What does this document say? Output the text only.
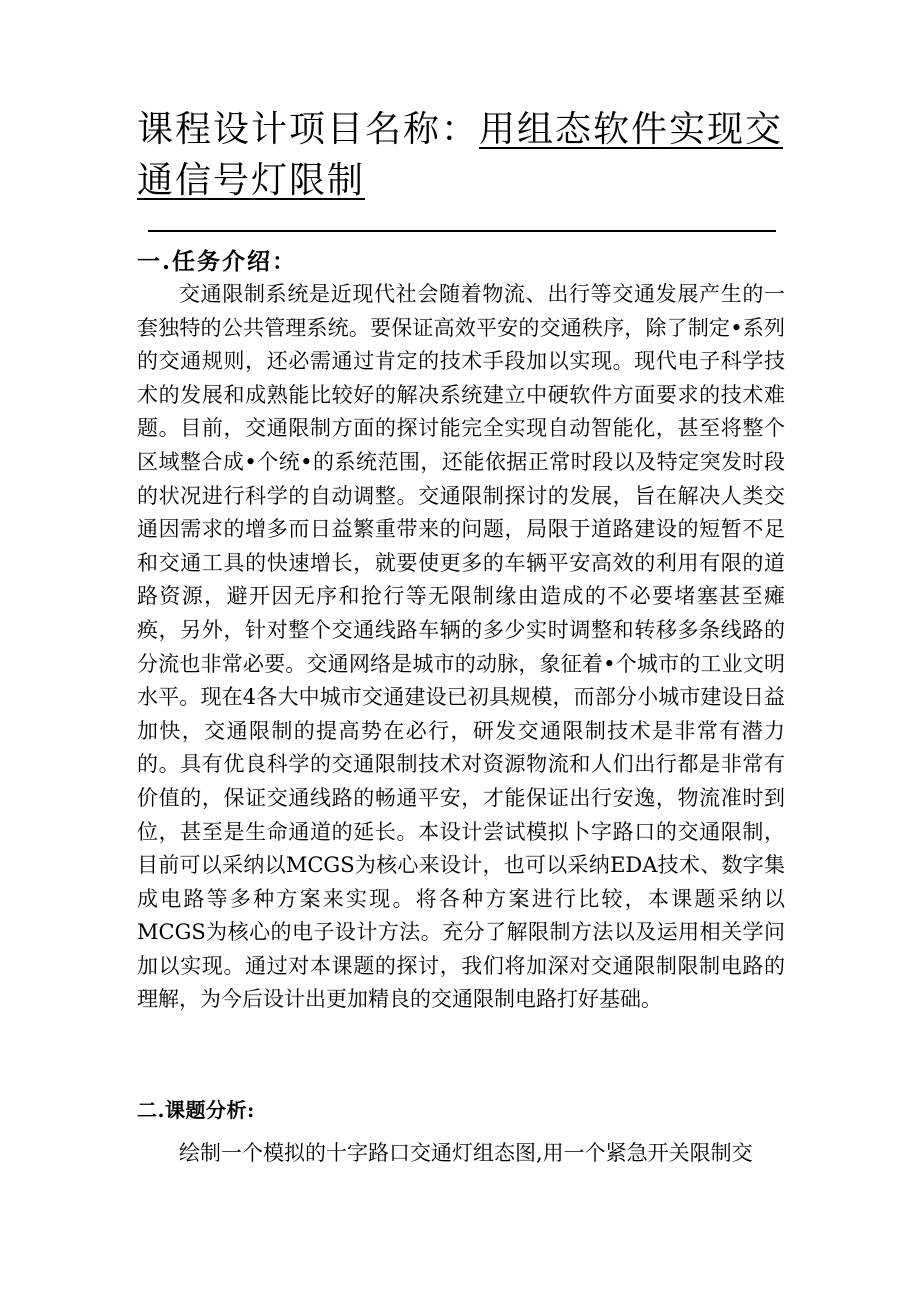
课程设计项目名称：用组态软件实现交通信号灯限制
一.任务介绍：

交通限制系统是近现代社会随着物流、出行等交通发展产生的一套独特的公共管理系统。要保证高效平安的交通秩序，除了制定•系列的交通规则，还必需通过肯定的技术手段加以实现。现代电子科学技术的发展和成熟能比较好的解决系统建立中硬软件方面要求的技术难题。目前，交通限制方面的探讨能完全实现自动智能化，甚至将整个区域整合成•个统•的系统范围，还能依据正常时段以及特定突发时段的状况进行科学的自动调整。交通限制探讨的发展，旨在解决人类交通因需求的增多而日益繁重带来的问题，局限于道路建设的短暂不足和交通工具的快速增长，就要使更多的车辆平安高效的利用有限的道路资源，避开因无序和抢行等无限制缘由造成的不必要堵塞甚至瘫痪，另外，针对整个交通线路车辆的多少实时调整和转移多条线路的分流也非常必要。交通网络是城市的动脉，象征着•个城市的工业文明水平。现在4各大中城市交通建设已初具规模，而部分小城市建设日益加快，交通限制的提高势在必行，研发交通限制技术是非常有潜力的。具有优良科学的交通限制技术对资源物流和人们出行都是非常有价值的，保证交通线路的畅通平安，才能保证出行安逸，物流准时到位，甚至是生命通道的延长。本设计尝试模拟卜字路口的交通限制，目前可以采纳以MCGS为核心来设计，也可以采纳EDA技术、数字集成电路等多种方案来实现。将各种方案进行比较，本课题采纳以MCGS为核心的电子设计方法。充分了解限制方法以及运用相关学问加以实现。通过对本课题的探讨，我们将加深对交通限制限制电路的理解，为今后设计出更加精良的交通限制电路打好基础。

二.课题分析:

绘制一个模拟的十字路口交通灯组态图,用一个紧急开关限制交
